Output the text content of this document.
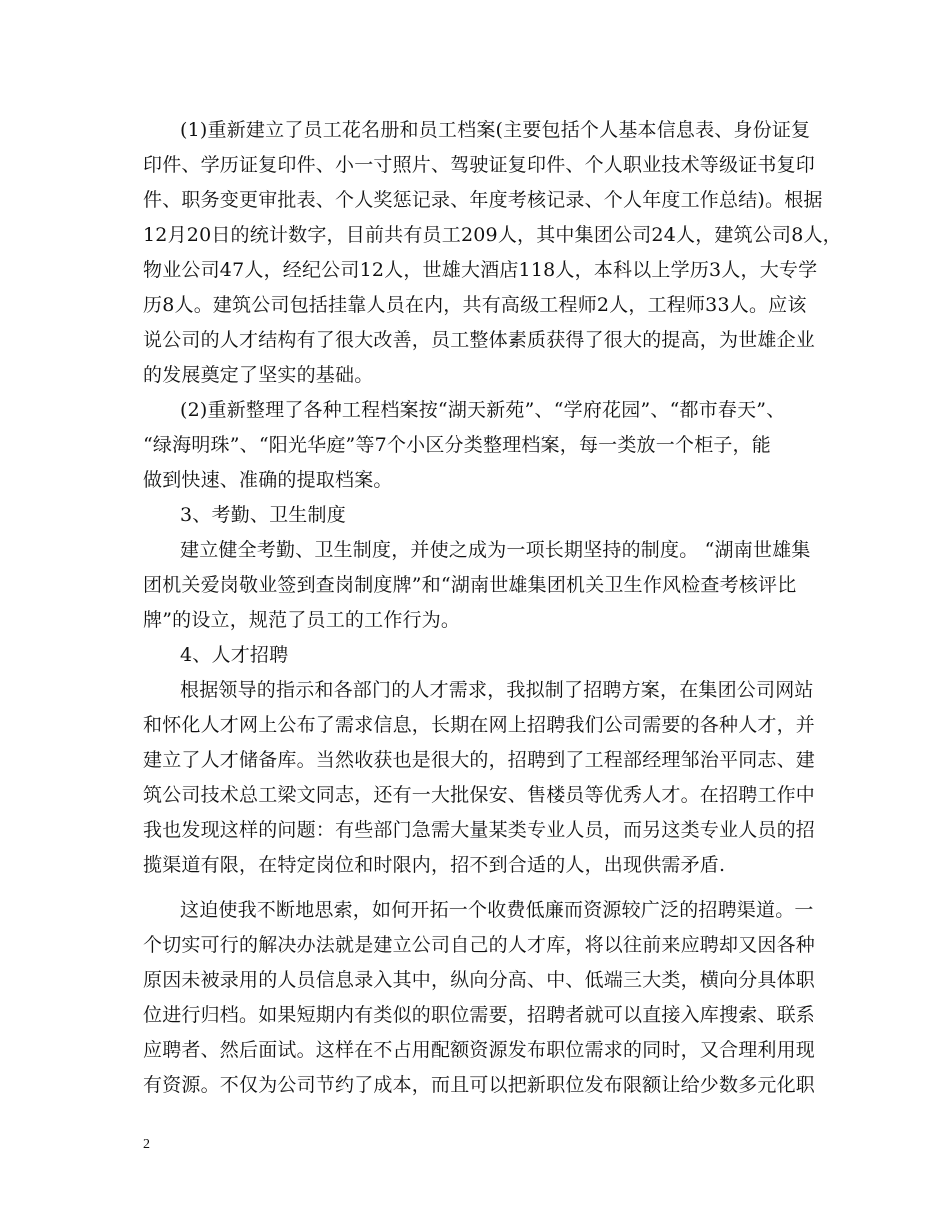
(1)重新建立了员工花名册和员工档案(主要包括个人基本信息表、身份证复
印件、学历证复印件、小一寸照片、驾驶证复印件、个人职业技术等级证书复印
件、职务变更审批表、个人奖惩记录、年度考核记录、个人年度工作总结)。根据
12月20日的统计数字，目前共有员工209人，其中集团公司24人，建筑公司8人，
物业公司47人，经纪公司12人，世雄大酒店118人，本科以上学历3人，大专学
历8人。建筑公司包括挂靠人员在内，共有高级工程师2人，工程师33人。应该
说公司的人才结构有了很大改善，员工整体素质获得了很大的提高，为世雄企业
的发展奠定了坚实的基础。
(2)重新整理了各种工程档案按“湖天新苑”、“学府花园”、“都市春天”、
“绿海明珠”、“阳光华庭”等7个小区分类整理档案，每一类放一个柜子，能
做到快速、准确的提取档案。
3、考勤、卫生制度
建立健全考勤、卫生制度，并使之成为一项长期坚持的制度。 “湖南世雄集
团机关爱岗敬业签到查岗制度牌”和“湖南世雄集团机关卫生作风检查考核评比
牌”的设立，规范了员工的工作行为。
4、人才招聘
根据领导的指示和各部门的人才需求，我拟制了招聘方案，在集团公司网站
和怀化人才网上公布了需求信息，长期在网上招聘我们公司需要的各种人才，并
建立了人才储备库。当然收获也是很大的，招聘到了工程部经理邹治平同志、建
筑公司技术总工梁文同志，还有一大批保安、售楼员等优秀人才。在招聘工作中
我也发现这样的问题：有些部门急需大量某类专业人员，而另这类专业人员的招
揽渠道有限，在特定岗位和时限内，招不到合适的人，出现供需矛盾.
这迫使我不断地思索，如何开拓一个收费低廉而资源较广泛的招聘渠道。一
个切实可行的解决办法就是建立公司自己的人才库，将以往前来应聘却又因各种
原因未被录用的人员信息录入其中，纵向分高、中、低端三大类，横向分具体职
位进行归档。如果短期内有类似的职位需要，招聘者就可以直接入库搜索、联系
应聘者、然后面试。这样在不占用配额资源发布职位需求的同时，又合理利用现
有资源。不仅为公司节约了成本，而且可以把新职位发布限额让给少数多元化职
2
